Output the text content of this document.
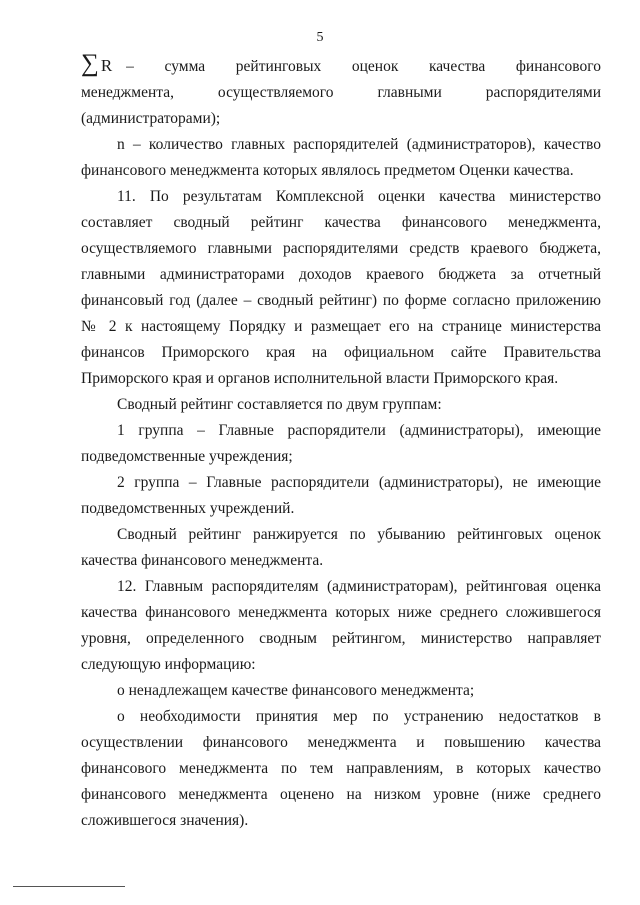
5
∑ R – сумма рейтинговых оценок качества финансового

менеджмента, осуществляемого главными распорядителями (администраторами);

n – количество главных распорядителей (администраторов), качество финансового менеджмента которых являлось предметом Оценки качества.

11. По результатам Комплексной оценки качества министерство составляет сводный рейтинг качества финансового менеджмента, осуществляемого главными распорядителями средств краевого бюджета, главными администраторами доходов краевого бюджета за отчетный финансовый год (далее – сводный рейтинг) по форме согласно приложению № 2 к настоящему Порядку и размещает его на странице министерства финансов Приморского края на официальном сайте Правительства Приморского края и органов исполнительной власти Приморского края.

Сводный рейтинг составляется по двум группам:

1 группа – Главные распорядители (администраторы), имеющие подведомственные учреждения;

2 группа – Главные распорядители (администраторы), не имеющие подведомственных учреждений.

Сводный рейтинг ранжируется по убыванию рейтинговых оценок качества финансового менеджмента.

12. Главным распорядителям (администраторам), рейтинговая оценка качества финансового менеджмента которых ниже среднего сложившегося уровня, определенного сводным рейтингом, министерство направляет следующую информацию:

о ненадлежащем качестве финансового менеджмента;

о необходимости принятия мер по устранению недостатков в осуществлении финансового менеджмента и повышению качества финансового менеджмента по тем направлениям, в которых качество финансового менеджмента оценено на низком уровне (ниже среднего сложившегося значения).
